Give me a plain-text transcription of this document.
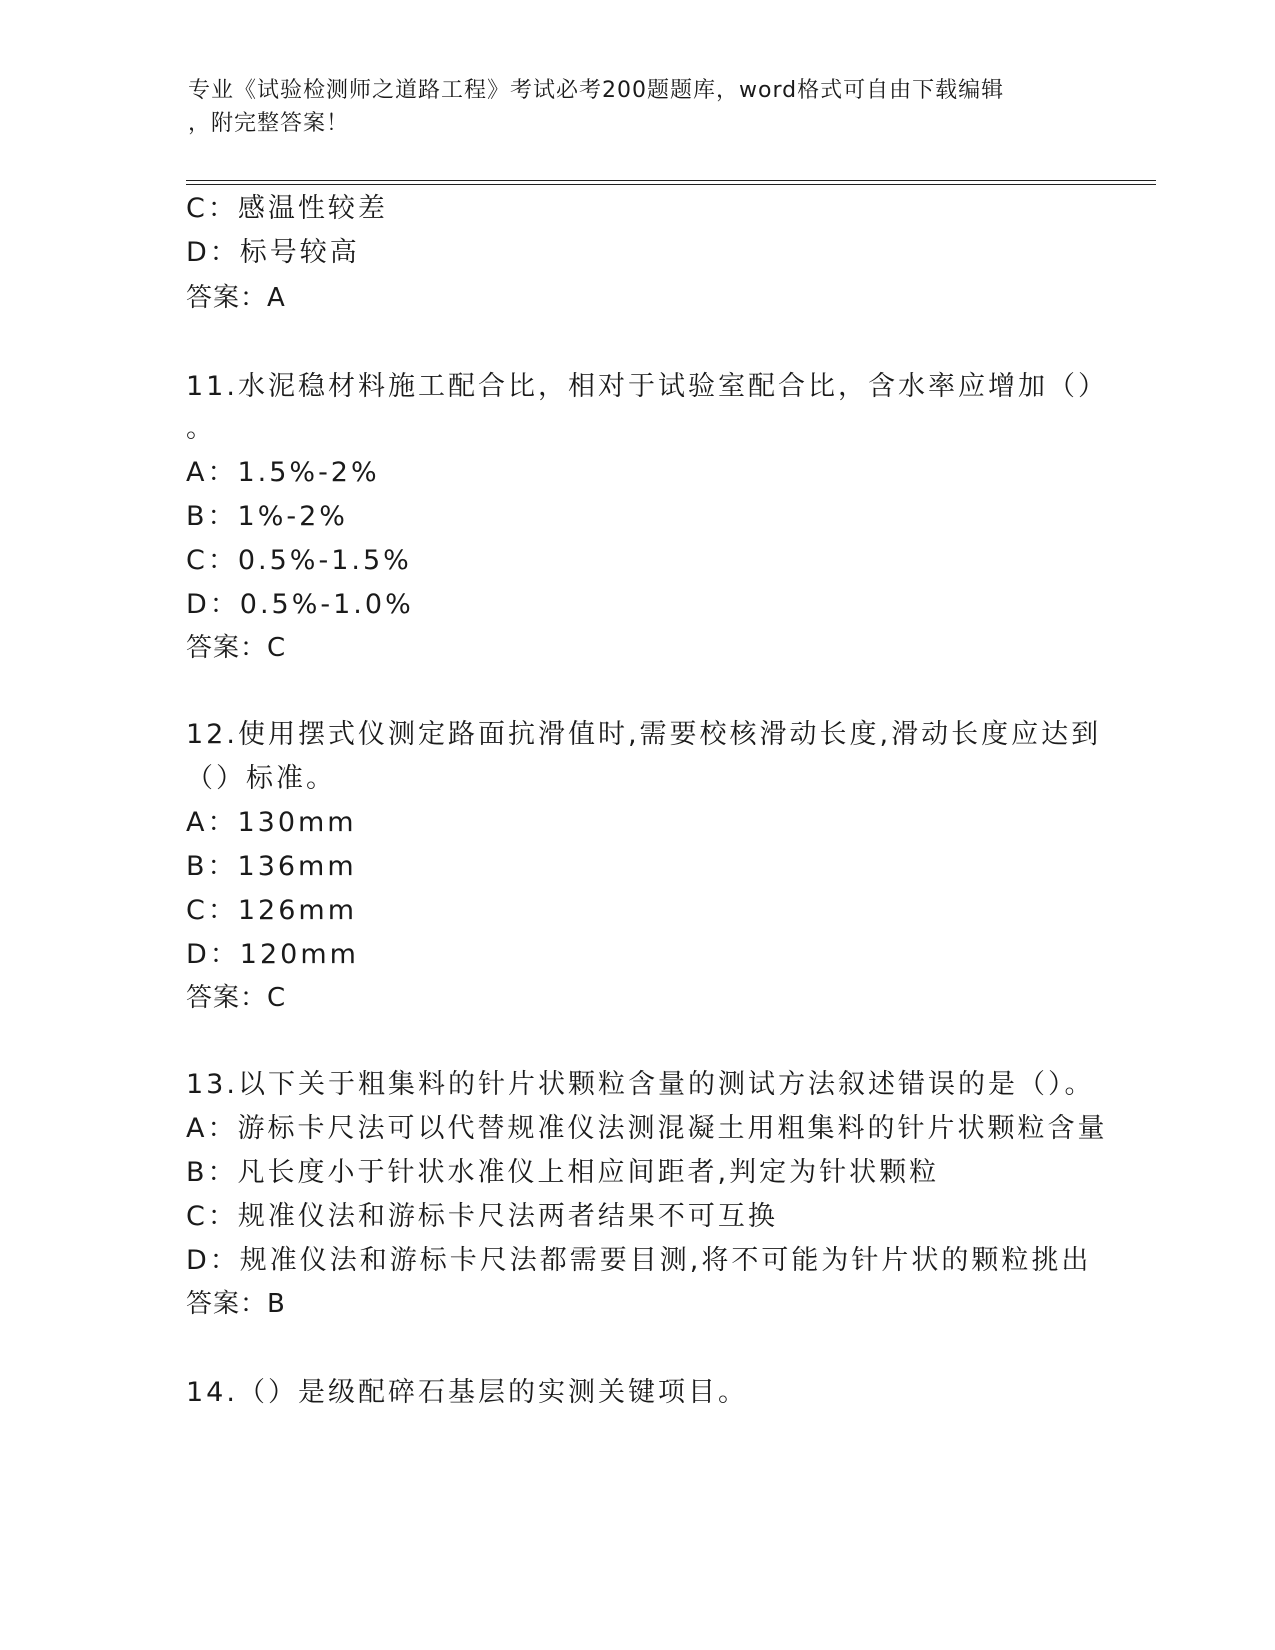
专业《试验检测师之道路工程》考试必考200题题库，word格式可自由下载编辑
，附完整答案！
C：感温性较差
D：标号较高
答案：A
11.水泥稳材料施工配合比，相对于试验室配合比，含水率应增加（）
。
A：1.5%-2%
B：1%-2%
C：0.5%-1.5%
D：0.5%-1.0%
答案：C
12.使用摆式仪测定路面抗滑值时,需要校核滑动长度,滑动长度应达到
（）标准。
A：130mm
B：136mm
C：126mm
D：120mm
答案：C
13.以下关于粗集料的针片状颗粒含量的测试方法叙述错误的是（）。
A：游标卡尺法可以代替规准仪法测混凝土用粗集料的针片状颗粒含量
B：凡长度小于针状水准仪上相应间距者,判定为针状颗粒
C：规准仪法和游标卡尺法两者结果不可互换
D：规准仪法和游标卡尺法都需要目测,将不可能为针片状的颗粒挑出
答案：B
14.（）是级配碎石基层的实测关键项目。
